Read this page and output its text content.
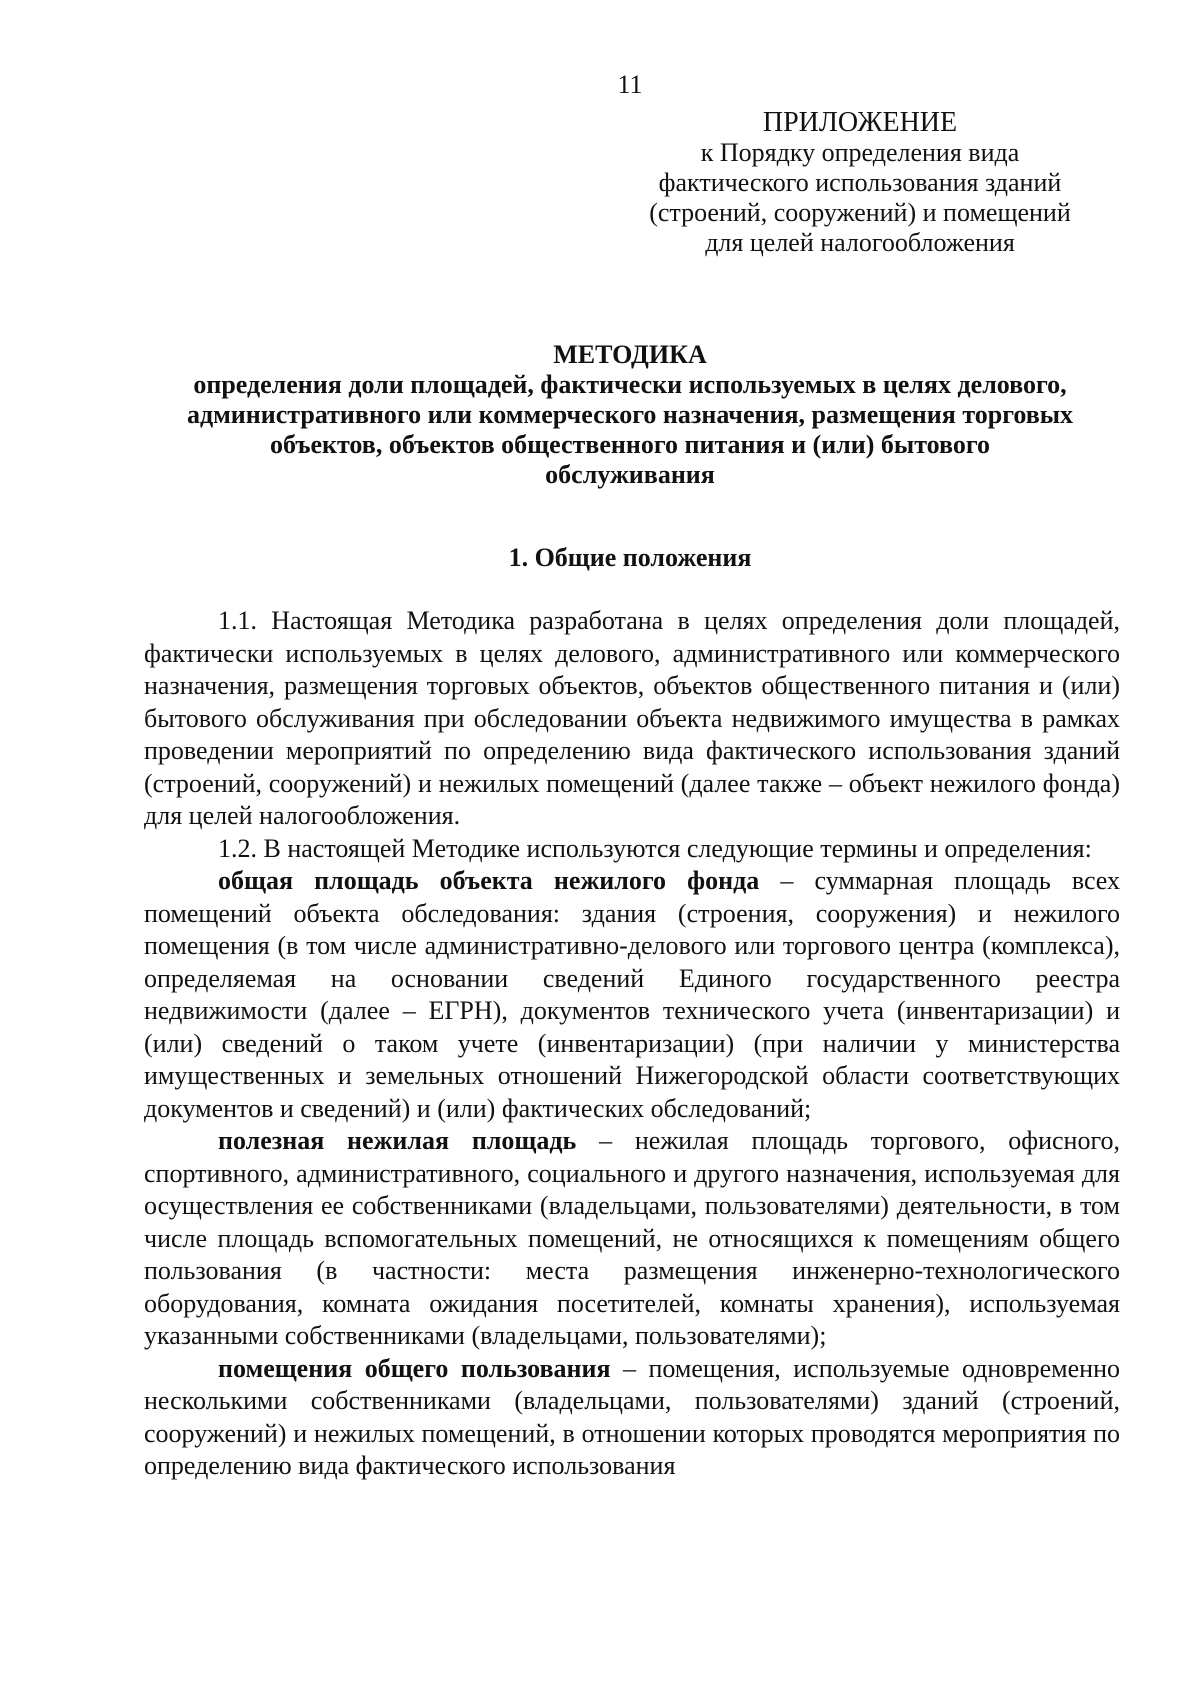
11
ПРИЛОЖЕНИЕ
к Порядку определения вида
фактического использования зданий
(строений, сооружений) и помещений
для целей налогообложения
МЕТОДИКА
определения доли площадей, фактически используемых в целях делового,
административного или коммерческого назначения, размещения торговых
объектов, объектов общественного питания и (или) бытового
обслуживания
1. Общие положения

1.1. Настоящая Методика разработана в целях определения доли площадей, фактически используемых в целях делового, административного или коммерческого назначения, размещения торговых объектов, объектов общественного питания и (или) бытового обслуживания при обследовании объекта недвижимого имущества в рамках проведении мероприятий по определению вида фактического использования зданий (строений, сооружений) и нежилых помещений (далее также – объект нежилого фонда) для целей налогообложения.

1.2. В настоящей Методике используются следующие термины и определения:

общая площадь объекта нежилого фонда – суммарная площадь всех помещений объекта обследования: здания (строения, сооружения) и нежилого помещения (в том числе административно-делового или торгового центра (комплекса), определяемая на основании сведений Единого государственного реестра недвижимости (далее – ЕГРН), документов технического учета (инвентаризации) и (или) сведений о таком учете (инвентаризации) (при наличии у министерства имущественных и земельных отношений Нижегородской области соответствующих документов и сведений) и (или) фактических обследований;

полезная нежилая площадь – нежилая площадь торгового, офисного, спортивного, административного, социального и другого назначения, используемая для осуществления ее собственниками (владельцами, пользователями) деятельности, в том числе площадь вспомогательных помещений, не относящихся к помещениям общего пользования (в частности: места размещения инженерно-технологического оборудования, комната ожидания посетителей, комнаты хранения), используемая указанными собственниками (владельцами, пользователями);

помещения общего пользования – помещения, используемые одновременно несколькими собственниками (владельцами, пользователями) зданий (строений, сооружений) и нежилых помещений, в отношении которых проводятся мероприятия по определению вида фактического использования
